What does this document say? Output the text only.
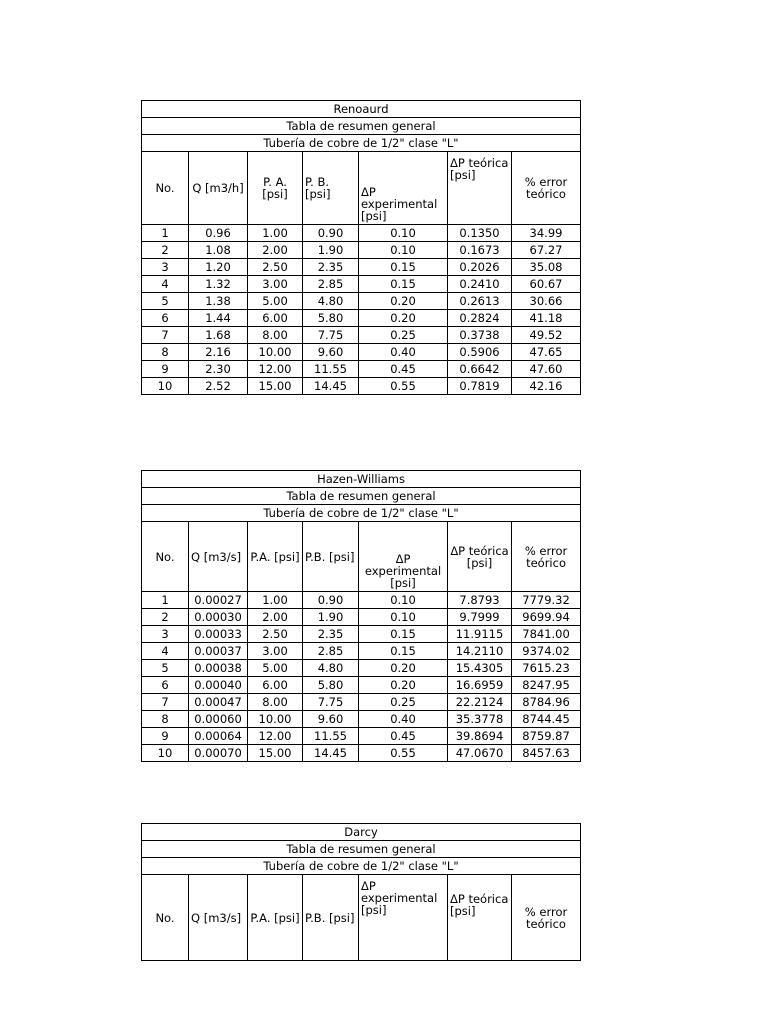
Renoaurd						
Tabla de resumen general						
Tubería de cobre de 1/2" clase "L"						
No.	Q [m3/h]	P. A. [psi]	P. B. [psi]	ΔP experimental [psi]	ΔP teórica [psi]	% error teórico
1	0.96	1.00	0.90	0.10	0.1350	34.99
2	1.08	2.00	1.90	0.10	0.1673	67.27
3	1.20	2.50	2.35	0.15	0.2026	35.08
4	1.32	3.00	2.85	0.15	0.2410	60.67
5	1.38	5.00	4.80	0.20	0.2613	30.66
6	1.44	6.00	5.80	0.20	0.2824	41.18
7	1.68	8.00	7.75	0.25	0.3738	49.52
8	2.16	10.00	9.60	0.40	0.5906	47.65
9	2.30	12.00	11.55	0.45	0.6642	47.60
10	2.52	15.00	14.45	0.55	0.7819	42.16
Hazen-Williams						
Tabla de resumen general						
Tubería de cobre de 1/2" clase "L"						
No.	Q [m3/s]	P.A. [psi]	P.B. [psi]	ΔP experimental [psi]	ΔP teórica [psi]	% error teórico
1	0.00027	1.00	0.90	0.10	7.8793	7779.32
2	0.00030	2.00	1.90	0.10	9.7999	9699.94
3	0.00033	2.50	2.35	0.15	11.9115	7841.00
4	0.00037	3.00	2.85	0.15	14.2110	9374.02
5	0.00038	5.00	4.80	0.20	15.4305	7615.23
6	0.00040	6.00	5.80	0.20	16.6959	8247.95
7	0.00047	8.00	7.75	0.25	22.2124	8784.96
8	0.00060	10.00	9.60	0.40	35.3778	8744.45
9	0.00064	12.00	11.55	0.45	39.8694	8759.87
10	0.00070	15.00	14.45	0.55	47.0670	8457.63
Darcy
Tabla de resumen general
Tubería de cobre de 1/2" clase "L"
No.	Q [m3/s]	P.A. [psi]	P.B. [psi]	ΔP experimental [psi]	ΔP teórica [psi]	% error teórico
